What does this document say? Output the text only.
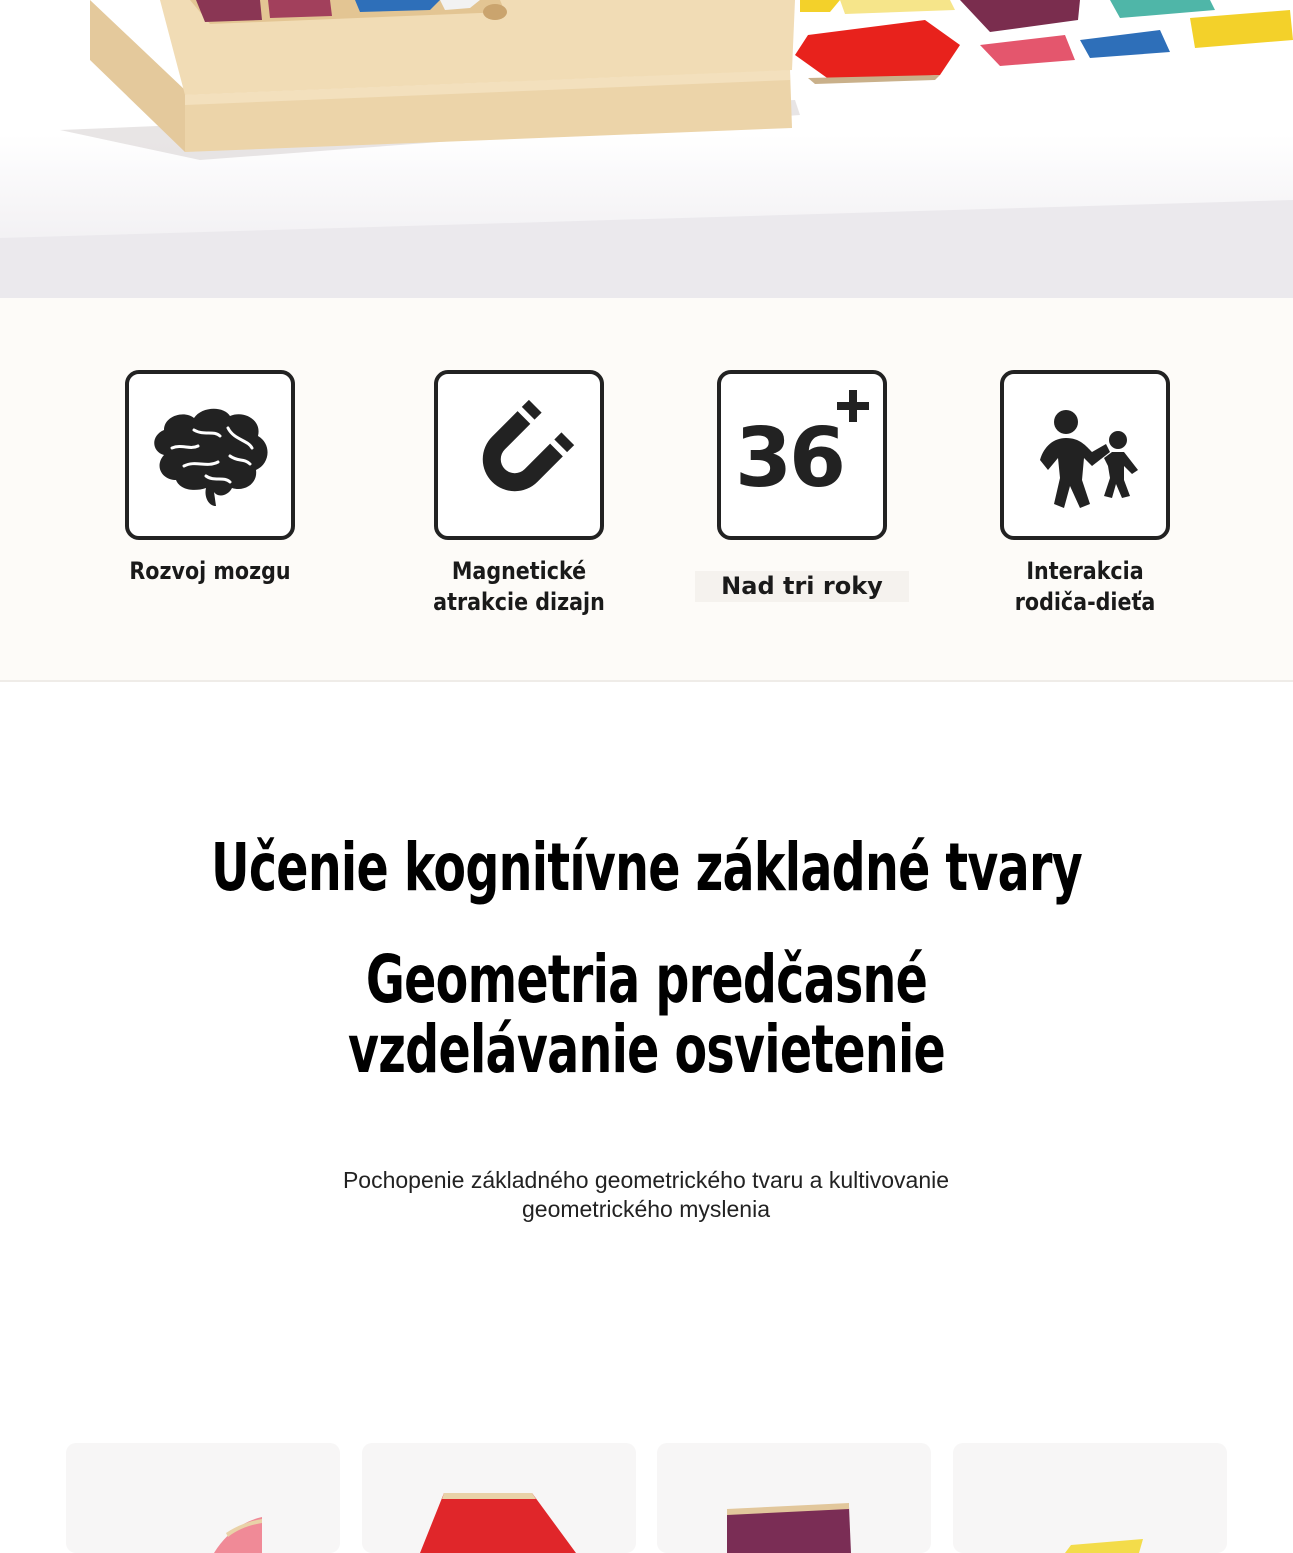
Rozvoj mozgu	Magnetické
atrakcie dizajn
36
Nad tri roky
Interakcia
rodiča-dieťa
Učenie kognitívne základné tvary
Geometria predčasné
vzdelávanie osvietenie
Pochopenie základného geometrického tvaru a kultivovanie
geometrického myslenia
